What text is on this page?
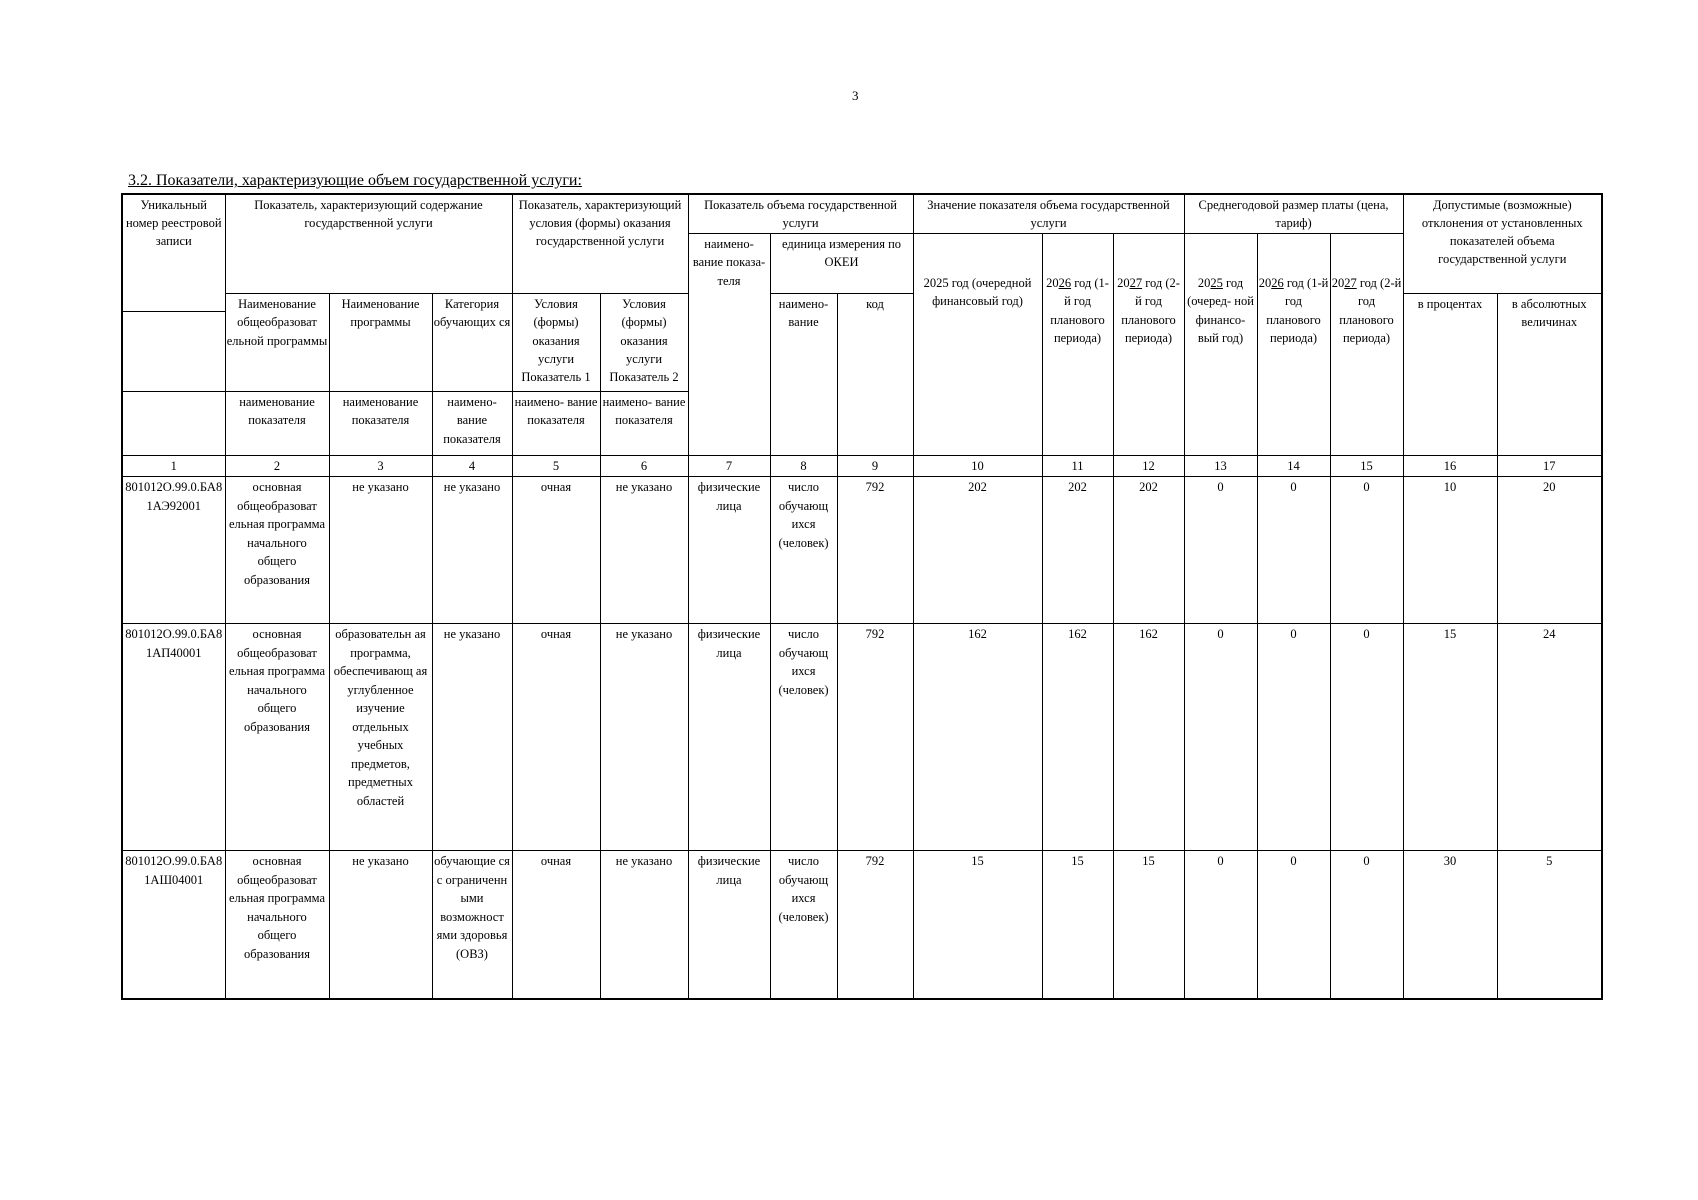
3
3.2. Показатели, характеризующие объем государственной услуги:
Уникальный номер реестровой записи	Показатель, характеризующий содержание государственной услуги			Показатель, характеризующий условия (формы) оказания государственной услуги		Показатель объема государственной услуги			Значение показателя объема государственной услуги			Среднегодовой размер платы (цена, тариф)			Допустимые (возможные) отклонения от установленных показателей объема государственной услуги	
						наимено- вание показа- теля	единица измерения по ОКЕИ		2025 год (очередной финансовый год)	2026 год (1-й год планового периода)	2027 год (2-й год планового периода)	2025 год (очеред- ной финансо- вый год)	2026 год (1-й год планового периода)	2027 год (2-й год планового периода)		
	Наименование общеобразоват ельной программы	Наименование программы	Категория обучающих ся	Условия (формы) оказания услуги Показатель 1	Условия (формы) оказания услуги Показатель 2		наимено- вание	код							в процентах	в абсолютных величинах

	наименование показателя	наименование показателя	наимено- вание показателя	наимено- вание показателя	наимено- вание показателя											
1	2	3	4	5	6	7	8	9	10	11	12	13	14	15	16	17
801012О.99.0.БА81АЭ92001	основная общеобразоват ельная программа начального общего образования	не указано	не указано	очная	не указано	физические лица	число обучающ ихся (человек)	792	202	202	202	0	0	0	10	20
801012О.99.0.БА81АП40001	основная общеобразоват ельная программа начального общего образования	образовательн ая программа, обеспечивающ ая углубленное изучение отдельных учебных предметов, предметных областей	не указано	очная	не указано	физические лица	число обучающ ихся (человек)	792	162	162	162	0	0	0	15	24
801012О.99.0.БА81АШ04001	основная общеобразоват ельная программа начального общего образования	не указано	обучающие ся с ограниченн ыми возможност ями здоровья (ОВЗ)	очная	не указано	физические лица	число обучающ ихся (человек)	792	15	15	15	0	0	0	30	5
